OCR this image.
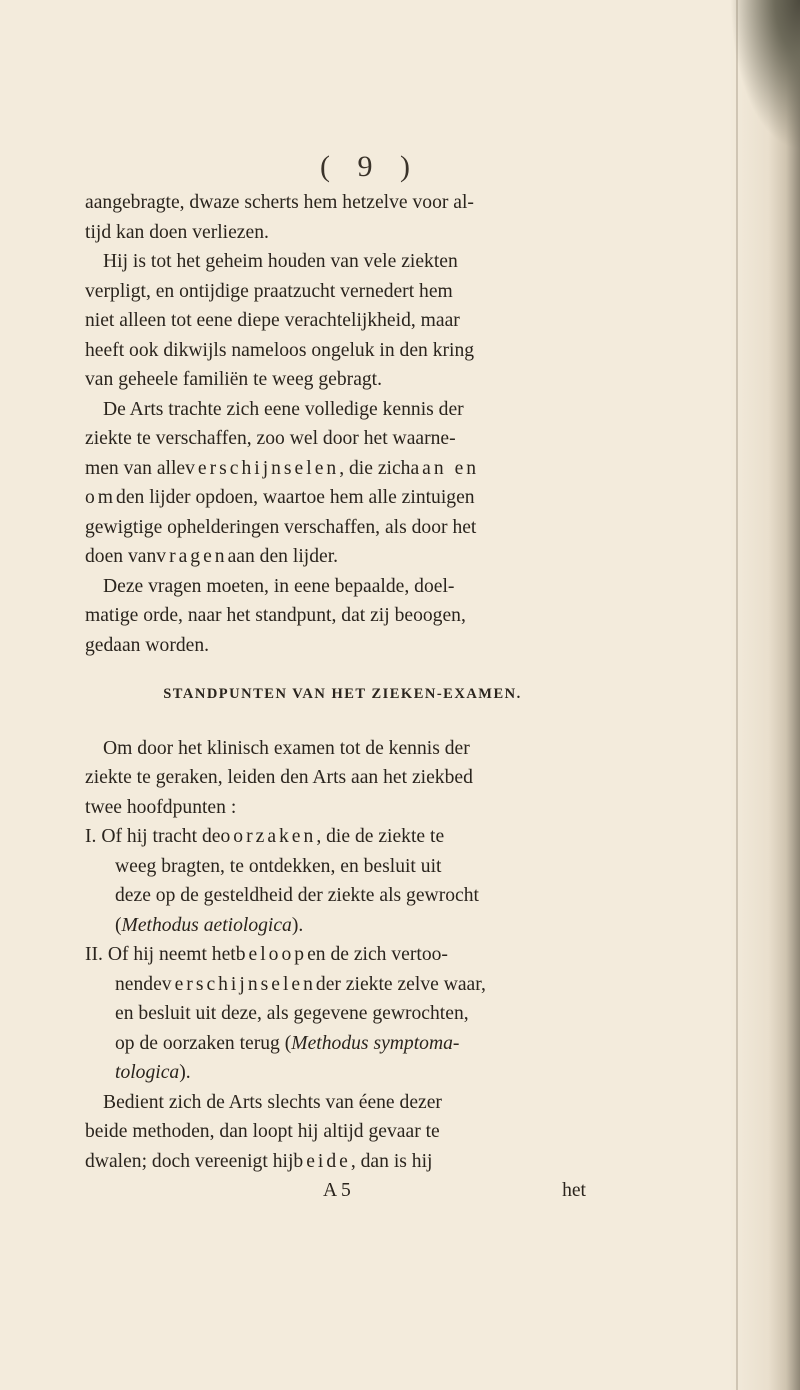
( 9 )
aangebragte, dwaze scherts hem hetzelve voor al-
tijd kan doen verliezen.
Hij is tot het geheim houden van vele ziekten
verpligt, en ontijdige praatzucht vernedert hem
niet alleen tot eene diepe verachtelijkheid, maar
heeft ook dikwijls nameloos ongeluk in den kring
van geheele familiën te weeg gebragt.
De Arts trachte zich eene volledige kennis der
ziekte te verschaffen, zoo wel door het waarne-
men van alleverschijnselen, die zichaan en
omden lijder opdoen, waartoe hem alle zintuigen
gewigtige ophelderingen verschaffen, als door het
doen vanvragenaan den lijder.
Deze vragen moeten, in eene bepaalde, doel-
matige orde, naar het standpunt, dat zij beoogen,
gedaan worden.
STANDPUNTEN VAN HET ZIEKEN-EXAMEN.
Om door het klinisch examen tot de kennis der
ziekte te geraken, leiden den Arts aan het ziekbed
twee hoofdpunten :
I. Of hij tracht deoorzaken, die de ziekte te
weeg bragten, te ontdekken, en besluit uit
deze op de gesteldheid der ziekte als gewrocht
(Methodus aetiologica).
II. Of hij neemt hetbeloopen de zich vertoo-
nendeverschijnselender ziekte zelve waar,
en besluit uit deze, als gegevene gewrochten,
op de oorzaken terug (Methodus symptoma-
tologica).
Bedient zich de Arts slechts van éene dezer
beide methoden, dan loopt hij altijd gevaar te
dwalen; doch vereenigt hijbeide, dan is hij
A 5	het
